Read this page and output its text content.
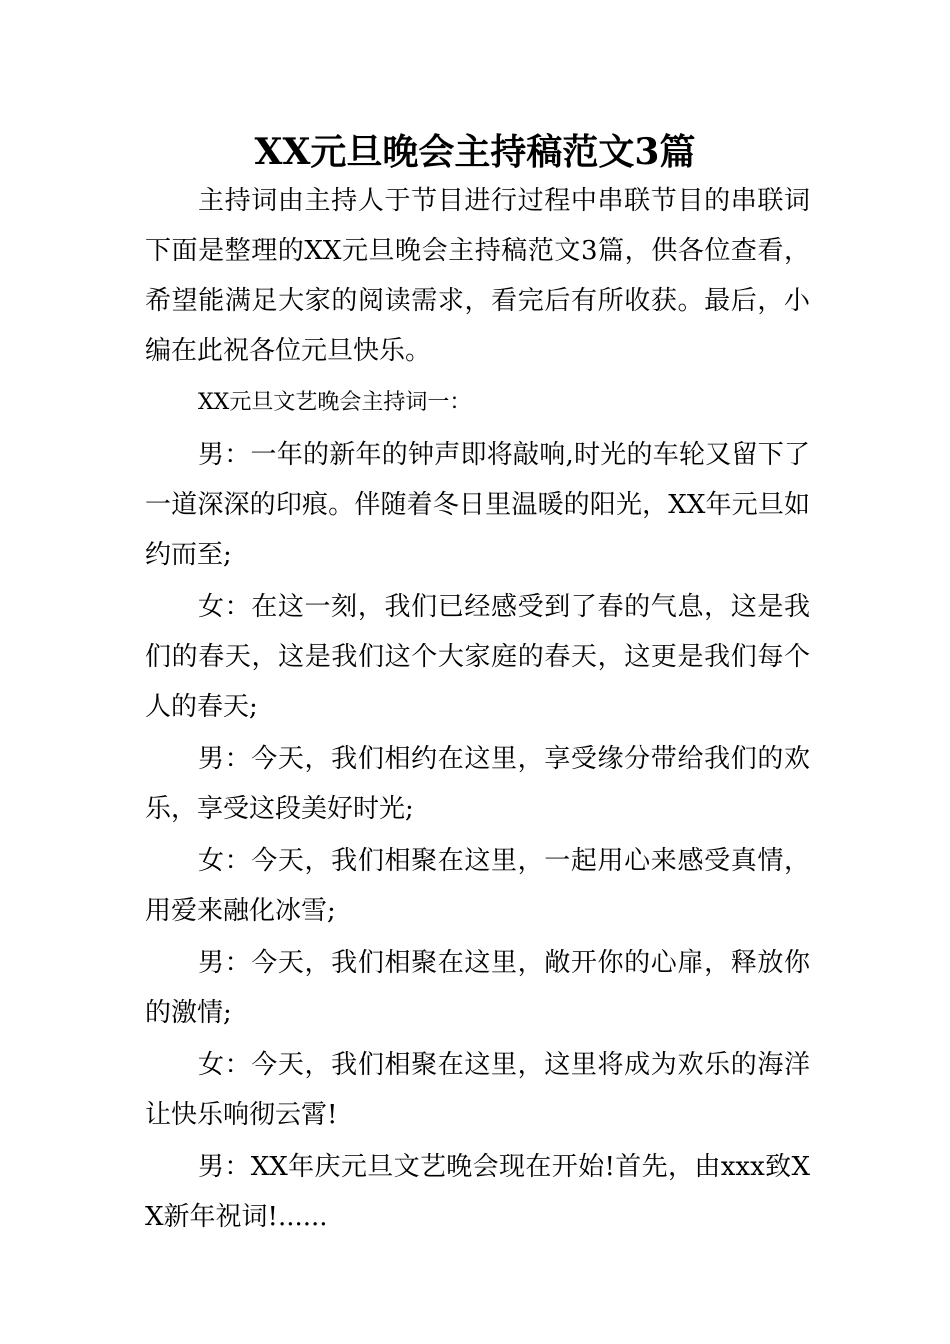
XX元旦晚会主持稿范文3篇

主持词由主持人于节目进行过程中串联节目的串联词下面是整理的XX元旦晚会主持稿范文3篇，供各位查看，希望能满足大家的阅读需求，看完后有所收获。最后，小编在此祝各位元旦快乐。

XX元旦文艺晚会主持词一：

男：一年的新年的钟声即将敲响,时光的车轮又留下了一道深深的印痕。伴随着冬日里温暖的阳光，XX年元旦如约而至;

女：在这一刻，我们已经感受到了春的气息，这是我们的春天，这是我们这个大家庭的春天，这更是我们每个人的春天;

男：今天，我们相约在这里，享受缘分带给我们的欢乐，享受这段美好时光;

女：今天，我们相聚在这里，一起用心来感受真情，用爱来融化冰雪;

男：今天，我们相聚在这里，敞开你的心扉，释放你的激情;

女：今天，我们相聚在这里，这里将成为欢乐的海洋让快乐响彻云霄!

男：XX年庆元旦文艺晚会现在开始!首先，由xxx致XX新年祝词!......
